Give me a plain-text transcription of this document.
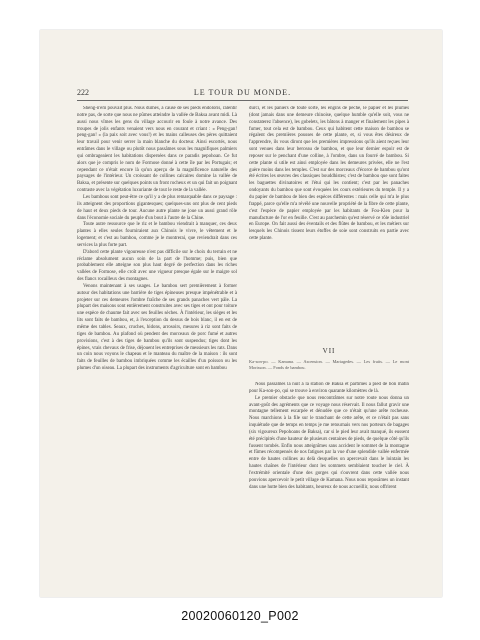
222	LE TOUR DU MONDE.

Sheng-n'em pouvait plus. Nous dûmes, à cause de ses pieds endoloris, ralentir notre pas, de sorte que nous ne pûmes atteindre la vallée de Baksa avant midi. Là aussi nous vîmes les gens du village accourir en foule à notre avance. Des troupes de jolis enfants venaient vers nous en courant et criant : « Peng-gan! peng-gan! » (la paix soit avec vous!) et les mains calleuses des pères quittaient leur travail pour venir serrer la main blanche du docteur. Ainsi escortés, nous entrâmes dans le village ou plutôt nous passâmes sous les magnifiques palmiers qui ombrageaient les habitations dispersées dans ce paradis pepohoan. Ce fut alors que je compris le nom de Formose donné à cette île par les Portugais; et cependant ce n'était encore là qu'un aperçu de la magnificence naturelle des paysages de l'intérieur. Un croissant de collines calcaires domine la vallée de Baksa, et présente sur quelques points un front rocheux et un qui fait un poignant contraste avec la végétation luxuriante de tout le reste de la vallée.

Les bambous sont peut-être ce qu'il y a de plus remarquable dans ce paysage : ils atteignent des proportions gigantesques; quelques-uns ont plus de cent pieds de haut et deux pieds de tour. Aucune autre plante ne joue un aussi grand rôle dans l'économie sociale du peuple d'un bout à l'autre de la Chine.

Toute autre ressource que le riz et le bambou viendrait à manquer, ces deux plantes à elles seules fourniraient aux Chinois le vivre, le vêtement et le logement; et c'est au bambou, comme je le montrerai, que reviendrait dans ces services la plus forte part.

D'abord cette plante vigoureuse n'est pas difficile sur le choix du terrain et ne réclame absolument aucun soin de la part de l'homme; puis, bien que probablement elle atteigne son plus haut degré de perfection dans les riches vallées de Formose, elle croît avec une vigueur presque égale sur le maigre sol des flancs rocailleux des montagnes.

Venons maintenant à ses usages. Le bambou sert premièrement à former autour des habitations une barrière de tiges épineuses presque impénétrable et à projeter sur ces demeures l'ombre fraîche de ses grands panaches vert pâle. La plupart des maisons sont entièrement construites avec ses tiges et ont pour toiture une espèce de chaume fait avec ses feuilles sèches. À l'intérieur, les sièges et les lits sont faits de bambou, et, à l'exception du dessus de bois blanc, il en est de même des tables. Seaux, cruches, hidons, arrosoirs, mesures à riz sont faits de tiges de bambou. Au plafond où pendent des morceaux de porc fumé et autres provisions, c'est à des tiges de bambou qu'ils sont suspendus; tiges dont les épines, vrais chevaux de frise, déjouent les entreprises de messieurs les rats. Dans un coin nous voyons le chapeau et le manteau du maître de la maison : ils sont faits de feuilles de bambou imbriquées comme les écailles d'un poisson ou les plumes d'un oiseau. La plupart des instruments d'agriculture sont en bambou

durci, et les paniers de toute sorte, les engins de pêche, le papier et les plumes (dont jamais dans une demeure chinoise, quelque humble qu'elle soit, vous ne constaterez l'absence), les gobelets, les bâtons à manger et finalement les pipes à fumer, tout cela est de bambou. Ceux qui habitent cette maison de bambou se régalent des premières pousses de cette plante, et, si vous êtes désireux de l'apprendre, ils vous diront que les premières impressions qu'ils aient reçues leur sont venues dans leur berceau de bambou, et que leur dernier espoir est de reposer sur le penchant d'une colline, à l'ombre, dans un fourré de bambou. Si cette plante si utile est ainsi employée dans les demeures privées, elle ne l'est guère moins dans les temples. C'est sur des morceaux d'écorce de bambou qu'ont été écrites les œuvres des classiques bouddhistes; c'est de bambou que sont faites les baguettes divinatoires et l'étui qui les contient; c'est par les panaches ondoyants du bambou que sont évoquées les cours extérieures du temple. Il y a du papier de bambou de bien des espèces différentes : mais celle qui m'a le plus frappé, parce qu'elle m'a révélé une nouvelle propriété de la fibre de cette plante, c'est l'espèce de papier employée par les habitants de Fou-Kien pour la manufacture de l'or en feuille. C'est au parchemin qu'est réservé ce rôle industriel en Europe. On fait aussi des éventails et des flûtes de bambou, et les métiers sur lesquels les Chinois tissent leurs étoffes de soie sont construits en partie avec cette plante.

VII
Ka-son-po. — Kamana. — Ascension. — Mariagedes. — Les fruits. — Le mont Morisson. — Fonds de bambou.

Nous passâmes la nuit à la station de Baksa et partîmes à pied de bon matin pour Ka-son-po, qui se trouve à environ quarante kilomètres de là.

Le premier obstacle que nous rencontrâmes sur notre route nous donna un avant-goût des agréments que ce voyage nous réservait. Il nous fallut gravir une montagne tellement escarpée et dénudée que ce n'était qu'une arête rocheuse. Nous marchions à la file sur le tranchant de cette arête, et ce n'était pas sans inquiétude que de temps en temps je me retournais vers nos porteurs de bagages (six vigoureux Pepohoans de Baksa), car si le pied leur avait manqué, ils eussent été précipités d'une hauteur de plusieurs centaines de pieds, de quelque côté qu'ils fussent tombés. Enfin nous atteignîmes sans accident le sommet de la montagne et fûmes récompensés de nos fatigues par la vue d'une splendide vallée enfermée entre de hautes collines au delà desquelles on apercevait dans le lointain les hautes chaînes de l'intérieur dont les sommets semblaient toucher le ciel. À l'extrémité orientale d'une des gorges qui s'ouvrent dans cette vallée nous pouvions apercevoir le petit village de Kamana. Nous nous reposâmes un instant dans une hutte bien des habitants, heureux de nous accueillir, nous offrirent

20020060120_P002
